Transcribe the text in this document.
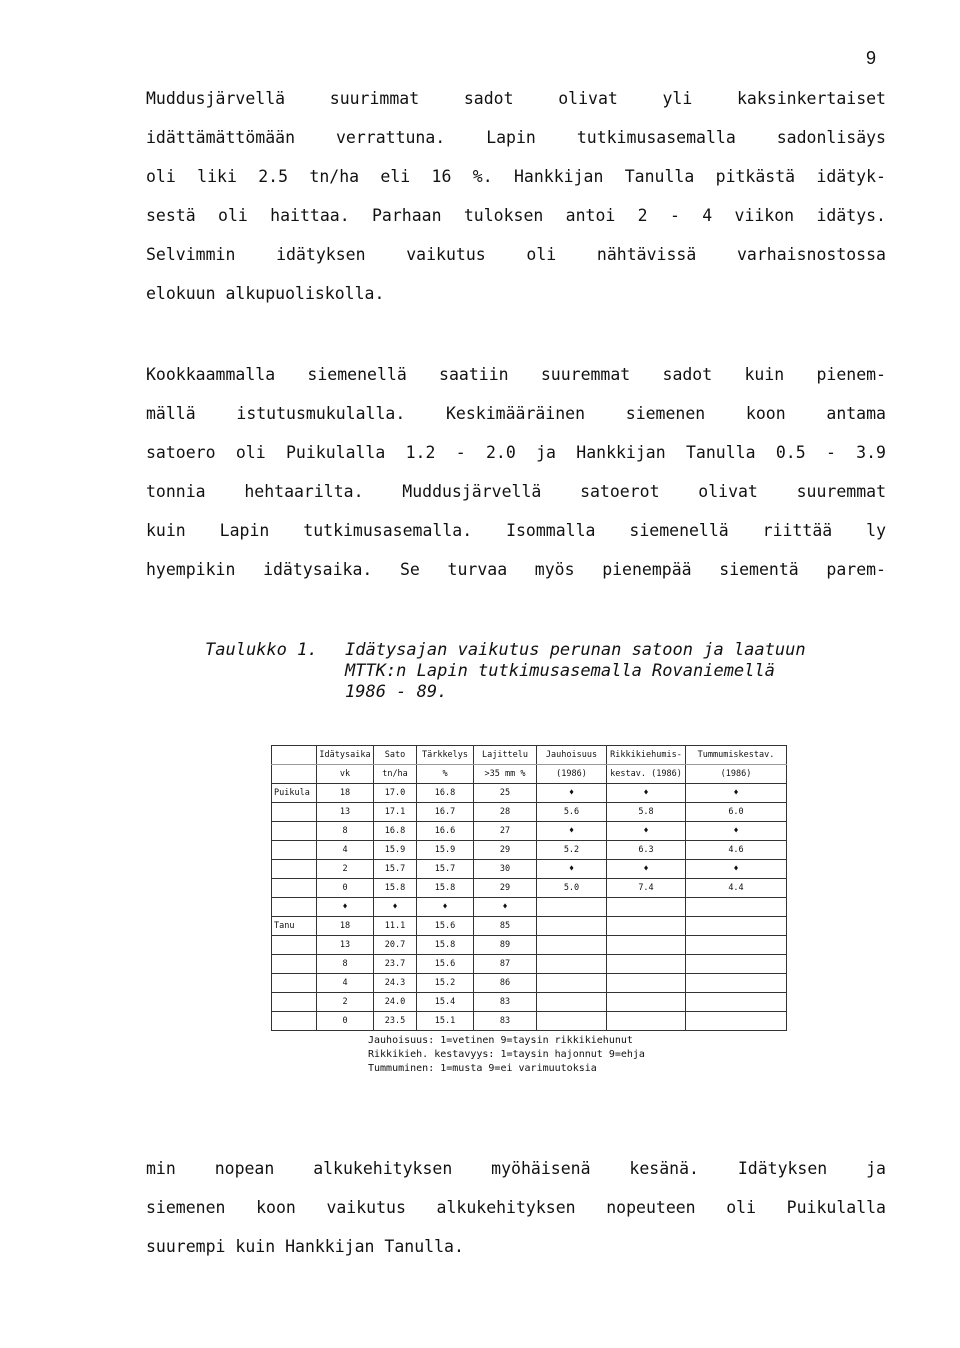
9
Muddusjärvellä suurimmat sadot olivat yli kaksinkertaiset
idättämättömään verrattuna. Lapin tutkimusasemalla sadonlisäys
oli liki 2.5 tn/ha eli 16 %. Hankkijan Tanulla pitkästä idätyk-
sestä oli haittaa. Parhaan tuloksen antoi 2 - 4 viikon idätys.
Selvimmin idätyksen vaikutus oli nähtävissä varhaisnostossa
elokuun alkupuoliskolla.
Kookkaammalla siemenellä saatiin suuremmat sadot kuin pienem-
mällä istutusmukulalla. Keskimääräinen siemenen koon antama
satoero oli Puikulalla 1.2 - 2.0 ja Hankkijan Tanulla 0.5 - 3.9
tonnia hehtaarilta. Muddusjärvellä satoerot olivat suuremmat
kuin Lapin tutkimusasemalla. Isommalla siemenellä riittää ly
hyempikin idätysaika. Se turvaa myös pienempää siementä parem-
Taulukko 1.	Idätysajan vaikutus perunan satoon ja laatuun
MTTK:n Lapin tutkimusasemalla Rovaniemellä
1986 - 89.
	Idätysaika	Sato	Tärkkelys	Lajittelu	Jauhoisuus	Rikkikiehumis-	Tummumiskestav.
	vk	tn/ha	%	>35 mm %	(1986)	kestav. (1986)	(1986)
Puikula	18	17.0	16.8	25	♦	♦	♦
	13	17.1	16.7	28	5.6	5.8	6.0
	8	16.8	16.6	27	♦	♦	♦
	4	15.9	15.9	29	5.2	6.3	4.6
	2	15.7	15.7	30	♦	♦	♦
	0	15.8	15.8	29	5.0	7.4	4.4
	♦	♦	♦	♦			
Tanu	18	11.1	15.6	85			
	13	20.7	15.8	89			
	8	23.7	15.6	87			
	4	24.3	15.2	86			
	2	24.0	15.4	83			
	0	23.5	15.1	83			
Jauhoisuus: 1=vetinen 9=taysin rikkikiehunut
Rikkikieh. kestavyys: 1=taysin hajonnut 9=ehja
Tummuminen: 1=musta 9=ei varimuutoksia
min nopean alkukehityksen myöhäisenä kesänä. Idätyksen ja
siemenen koon vaikutus alkukehityksen nopeuteen oli Puikulalla
suurempi kuin Hankkijan Tanulla.
